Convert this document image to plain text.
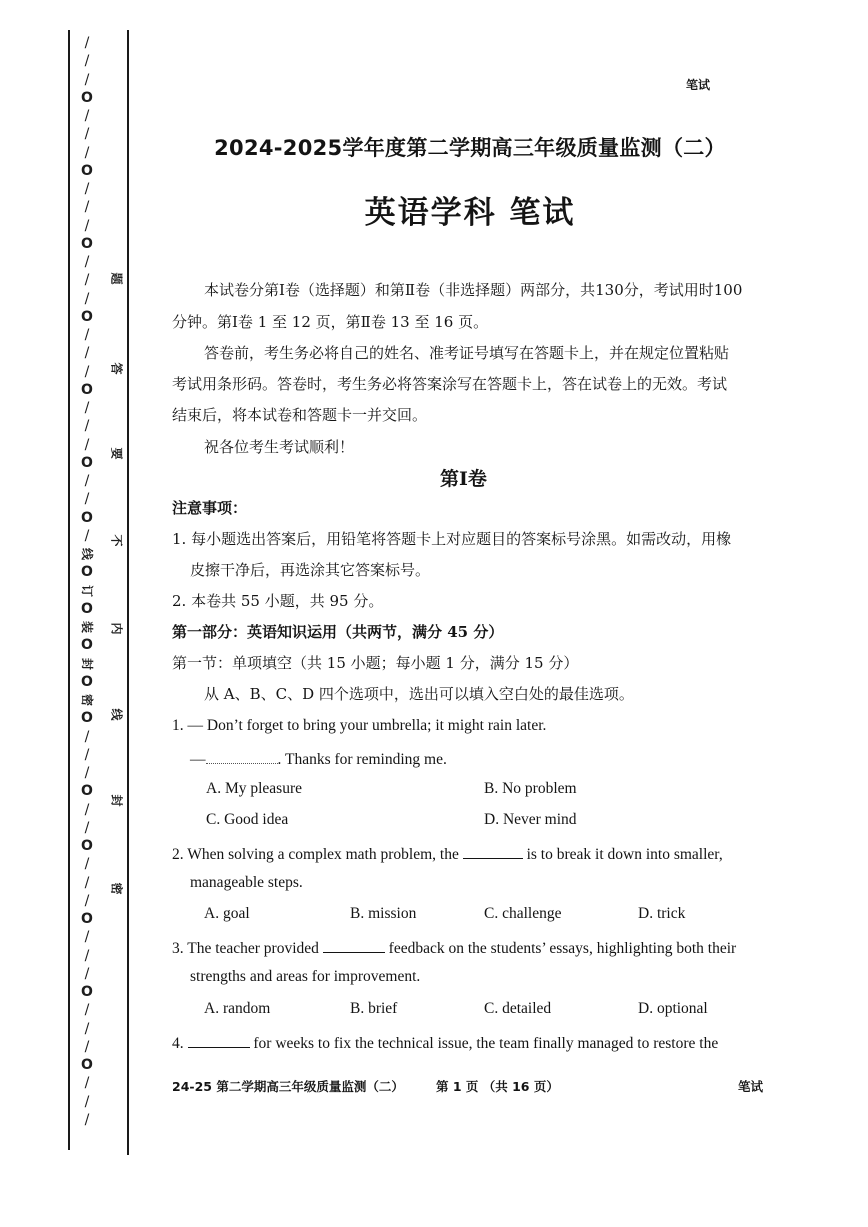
/
/
/
O
/
/
/
O
/
/
/
O
/
/
/
O
/
/
/
O
/
/
/
O
/
/
O
/
线
O
订
O
装
O
封
O
密
O
/
/
/
O
/
/
O
/
/
/
O
/
/
/
O
/
/
/
O
/
/
/
题
答
要
不
内
线
封
密
笔试
2024-2025学年度第二学期高三年级质量监测（二）
英语学科 笔试
本试卷分第Ⅰ卷（选择题）和第Ⅱ卷（非选择题）两部分，共130分，考试用时100
分钟。第Ⅰ卷 1 至 12 页，第Ⅱ卷 13 至 16 页。
答卷前，考生务必将自己的姓名、准考证号填写在答题卡上，并在规定位置粘贴
考试用条形码。答卷时，考生务必将答案涂写在答题卡上，答在试卷上的无效。考试
结束后，将本试卷和答题卡一并交回。
祝各位考生考试顺利！
第Ⅰ卷
注意事项：
1. 每小题选出答案后，用铅笔将答题卡上对应题目的答案标号涂黑。如需改动，用橡
皮擦干净后，再选涂其它答案标号。
2. 本卷共 55 小题，共 95 分。
第一部分：英语知识运用（共两节，满分 45 分）
第一节：单项填空（共 15 小题；每小题 1 分，满分 15 分）
从 A、B、C、D 四个选项中，选出可以填入空白处的最佳选项。
1. — Don’t forget to bring your umbrella; it might rain later.
—	. Thanks for reminding me.
A. My pleasure	B. No problem
C. Good idea	D. Never mind
2. When solving a complex math problem, the	is to break it down into smaller,
manageable steps.
A. goal	B. mission	C. challenge	D. trick
3. The teacher provided	feedback on the students’ essays, highlighting both their
strengths and areas for improvement.
A. random	B. brief	C. detailed	D. optional
4.	for weeks to fix the technical issue, the team finally managed to restore the
24-25 第二学期高三年级质量监测（二）	第 1 页 （共 16 页）	笔试
